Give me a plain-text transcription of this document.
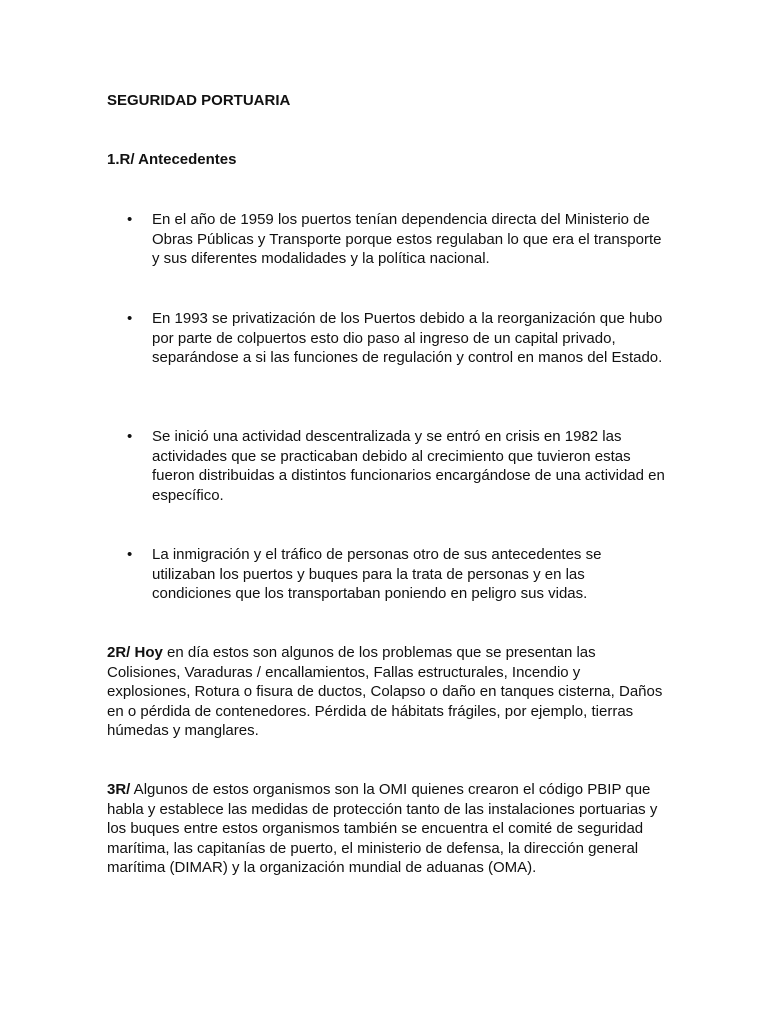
SEGURIDAD PORTUARIA

1.R/ Antecedentes

•	En el año de 1959 los puertos tenían dependencia directa del Ministerio de Obras Públicas y Transporte porque estos regulaban lo que era el transporte y sus diferentes modalidades y la política nacional.

•	En 1993 se privatización de los Puertos debido a la reorganización que hubo por parte de colpuertos esto dio paso al ingreso de un capital privado, separándose a si las funciones de regulación y control en manos del Estado.

•	Se inició una actividad descentralizada y se entró en crisis en 1982 las actividades que se practicaban debido al crecimiento que tuvieron estas fueron distribuidas a distintos funcionarios encargándose de una actividad en específico.

•	La inmigración y el tráfico de personas otro de sus antecedentes se utilizaban los puertos y buques para la trata de personas y en las condiciones que los transportaban poniendo en peligro sus vidas.

2R/ Hoy en día estos son algunos de los problemas que se presentan las Colisiones, Varaduras / encallamientos, Fallas estructurales, Incendio y explosiones, Rotura o fisura de ductos, Colapso o daño en tanques cisterna, Daños en o pérdida de contenedores. Pérdida de hábitats frágiles, por ejemplo, tierras húmedas y manglares.

3R/ Algunos de estos organismos son la OMI quienes crearon el código PBIP que habla y establece las medidas de protección tanto de las instalaciones portuarias y los buques entre estos organismos también se encuentra el comité de seguridad marítima, las capitanías de puerto, el ministerio de defensa, la dirección general marítima (DIMAR) y la organización mundial de aduanas (OMA).
